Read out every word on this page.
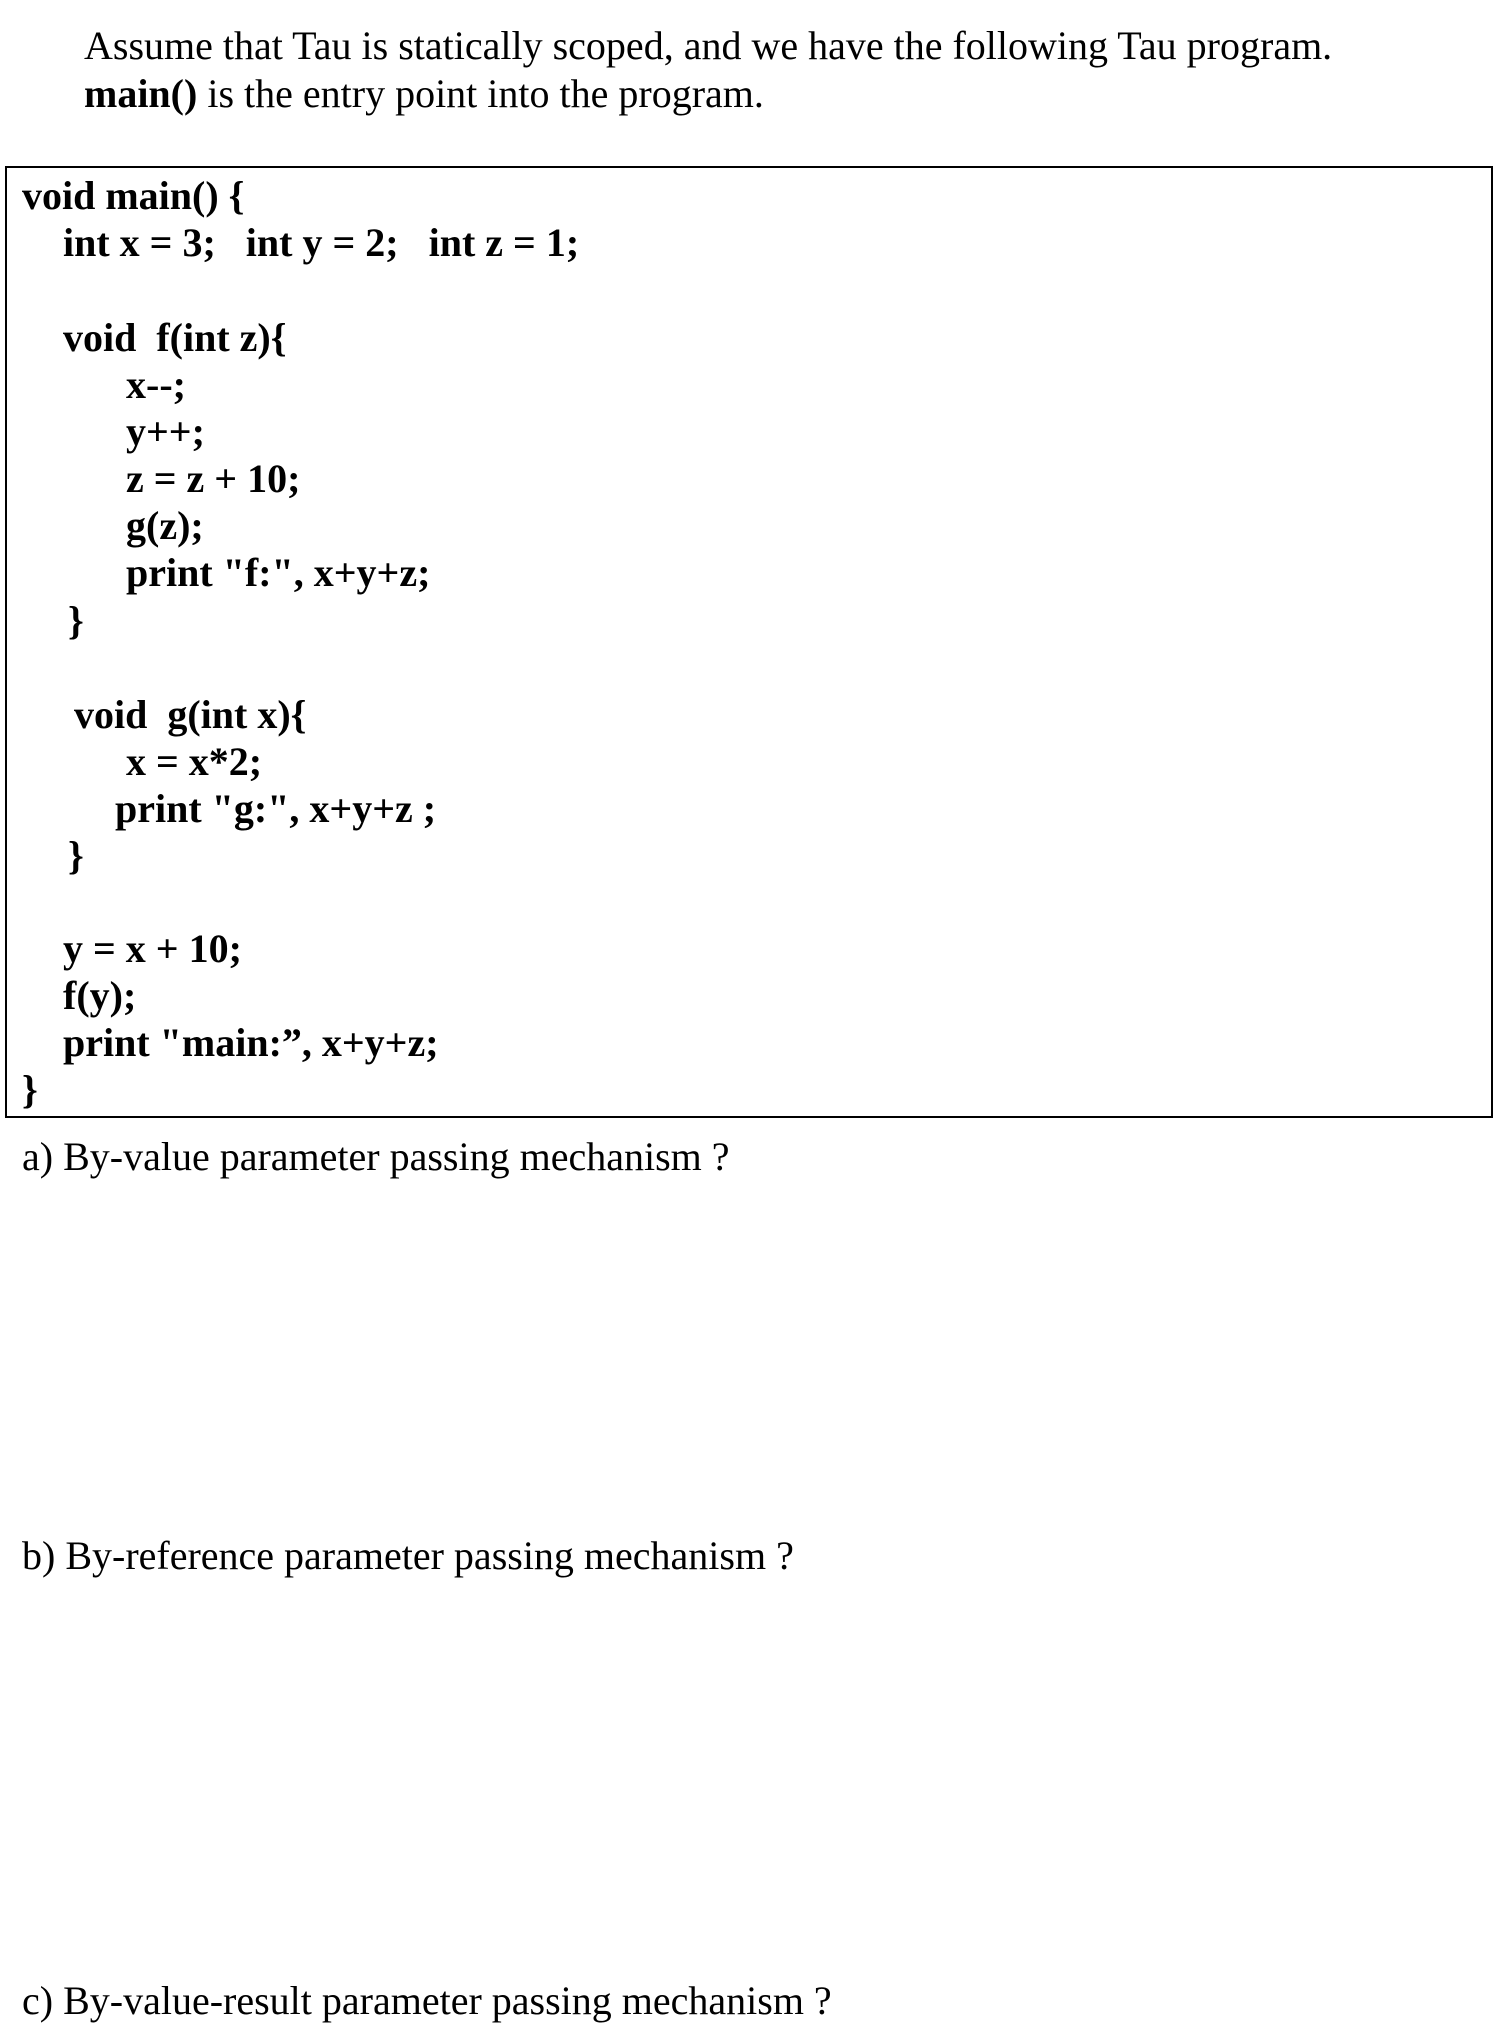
Assume that Tau is statically scoped, and we have the following Tau program.
main() is the entry point into the program.
void main() {
int x = 3;   int y = 2;   int z = 1;
void  f(int z){
x--;
y++;
z = z + 10;
g(z);
print "f:", x+y+z;
}
void  g(int x){
x = x*2;
print "g:", x+y+z ;
}
y = x + 10;
f(y);
print "main:”, x+y+z;
}
a) By-value parameter passing mechanism ?
b) By-reference parameter passing mechanism ?
c) By-value-result parameter passing mechanism ?
